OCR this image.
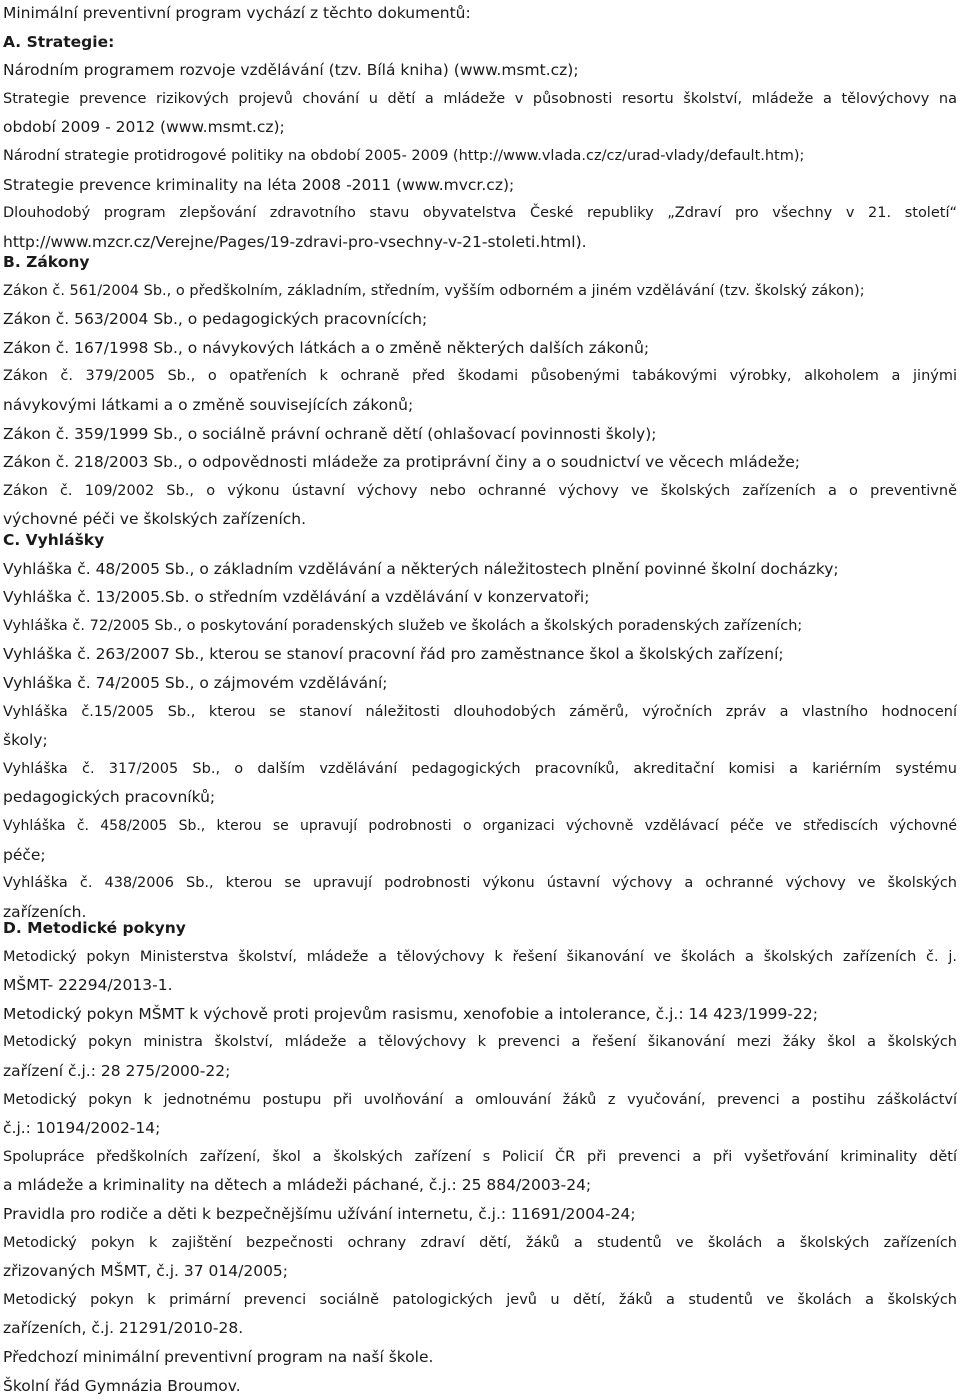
Minimální preventivní program vychází z těchto dokumentů:
A. Strategie:
Národním programem rozvoje vzdělávání (tzv. Bílá kniha) (www.msmt.cz);
Strategie prevence rizikových projevů chování u dětí a mládeže v působnosti resortu školství, mládeže a tělovýchovy na
období 2009 - 2012 (www.msmt.cz);
Národní strategie protidrogové politiky na období 2005- 2009 (http://www.vlada.cz/cz/urad-vlady/default.htm);
Strategie prevence kriminality na léta 2008 -2011 (www.mvcr.cz);
Dlouhodobý program zlepšování zdravotního stavu obyvatelstva České republiky „Zdraví pro všechny v 21. století“
http://www.mzcr.cz/Verejne/Pages/19-zdravi-pro-vsechny-v-21-stoleti.html).
B. Zákony
Zákon č. 561/2004 Sb., o předškolním, základním, středním, vyšším odborném a jiném vzdělávání (tzv. školský zákon);
Zákon č. 563/2004 Sb., o pedagogických pracovnících;
Zákon č. 167/1998 Sb., o návykových látkách a o změně některých dalších zákonů;
Zákon č. 379/2005 Sb., o opatřeních k ochraně před škodami působenými tabákovými výrobky, alkoholem a jinými
návykovými látkami a o změně souvisejících zákonů;
Zákon č. 359/1999 Sb., o sociálně právní ochraně dětí (ohlašovací povinnosti školy);
Zákon č. 218/2003 Sb., o odpovědnosti mládeže za protiprávní činy a o soudnictví ve věcech mládeže;
Zákon č. 109/2002 Sb., o výkonu ústavní výchovy nebo ochranné výchovy ve školských zařízeních a o preventivně
výchovné péči ve školských zařízeních.
C. Vyhlášky
Vyhláška č. 48/2005 Sb., o základním vzdělávání a některých náležitostech plnění povinné školní docházky;
Vyhláška č. 13/2005.Sb. o středním vzdělávání a vzdělávání v konzervatoři;
Vyhláška č. 72/2005 Sb., o poskytování poradenských služeb ve školách a školských poradenských zařízeních;
Vyhláška č. 263/2007 Sb., kterou se stanoví pracovní řád pro zaměstnance škol a školských zařízení;
Vyhláška č. 74/2005 Sb., o zájmovém vzdělávání;
Vyhláška č.15/2005 Sb., kterou se stanoví náležitosti dlouhodobých záměrů, výročních zpráv a vlastního hodnocení
školy;
Vyhláška č. 317/2005 Sb., o dalším vzdělávání pedagogických pracovníků, akreditační komisi a kariérním systému
pedagogických pracovníků;
Vyhláška č. 458/2005 Sb., kterou se upravují podrobnosti o organizaci výchovně vzdělávací péče ve střediscích výchovné
péče;
Vyhláška č. 438/2006 Sb., kterou se upravují podrobnosti výkonu ústavní výchovy a ochranné výchovy ve školských
zařízeních.
D. Metodické pokyny
Metodický pokyn Ministerstva školství, mládeže a tělovýchovy k řešení šikanování ve školách a školských zařízeních č. j.
MŠMT- 22294/2013-1.
Metodický pokyn MŠMT k výchově proti projevům rasismu, xenofobie a intolerance, č.j.: 14 423/1999-22;
Metodický pokyn ministra školství, mládeže a tělovýchovy k prevenci a řešení šikanování mezi žáky škol a školských
zařízení č.j.: 28 275/2000-22;
Metodický pokyn k jednotnému postupu při uvolňování a omlouvání žáků z vyučování, prevenci a postihu záškoláctví
č.j.: 10194/2002-14;
Spolupráce předškolních zařízení, škol a školských zařízení s Policií ČR při prevenci a při vyšetřování kriminality dětí
a mládeže a kriminality na dětech a mládeži páchané, č.j.: 25 884/2003-24;
Pravidla pro rodiče a děti k bezpečnějšímu užívání internetu, č.j.: 11691/2004-24;
Metodický pokyn k zajištění bezpečnosti ochrany zdraví dětí, žáků a studentů ve školách a školských zařízeních
zřizovaných MŠMT, č.j. 37 014/2005;
Metodický pokyn k primární prevenci sociálně patologických jevů u dětí, žáků a studentů ve školách a školských
zařízeních, č.j. 21291/2010-28.
Předchozí minimální preventivní program na naší škole.
Školní řád Gymnázia Broumov.
